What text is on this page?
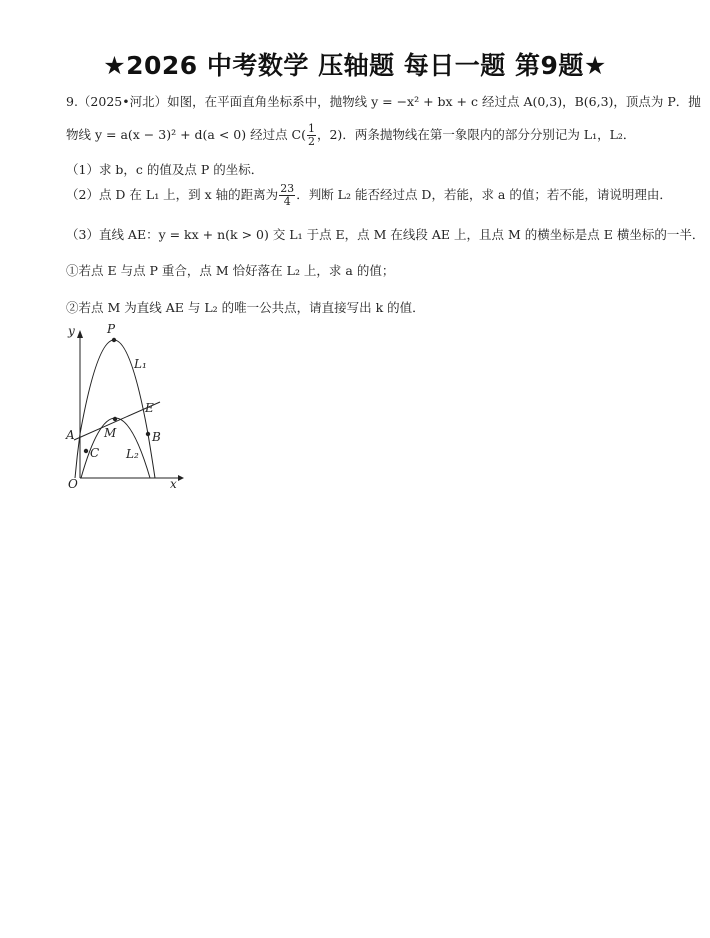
★2026 中考数学 压轴题 每日一题 第9题★
9.（2025•河北）如图，在平面直角坐标系中，抛物线 y = −x² + bx + c 经过点 A(0,3)，B(6,3)，顶点为 P．抛
物线 y = a(x − 3)² + d(a < 0) 经过点 $C( \frac{1}{2}$ ，2)．两条抛物线在第一象限内的部分分别记为 L₁，L₂．
（1）求 b，c 的值及点 P 的坐标．
（2）点 D 在 L₁ 上，到 x 轴的距离为 $\frac{23}{4}$ ．判断 L₂ 能否经过点 D，若能，求 a 的值；若不能，请说明理由．
（3）直线 AE：y = kx + n(k > 0) 交 L₁ 于点 E，点 M 在线段 AE 上，且点 M 的横坐标是点 E 横坐标的一半．
①若点 E 与点 P 重合，点 M 恰好落在 L₂ 上，求 a 的值；
②若点 M 为直线 AE 与 L₂ 的唯一公共点，请直接写出 k 的值．
y
x
O
P
L₁
E
A M	B
C L₂
